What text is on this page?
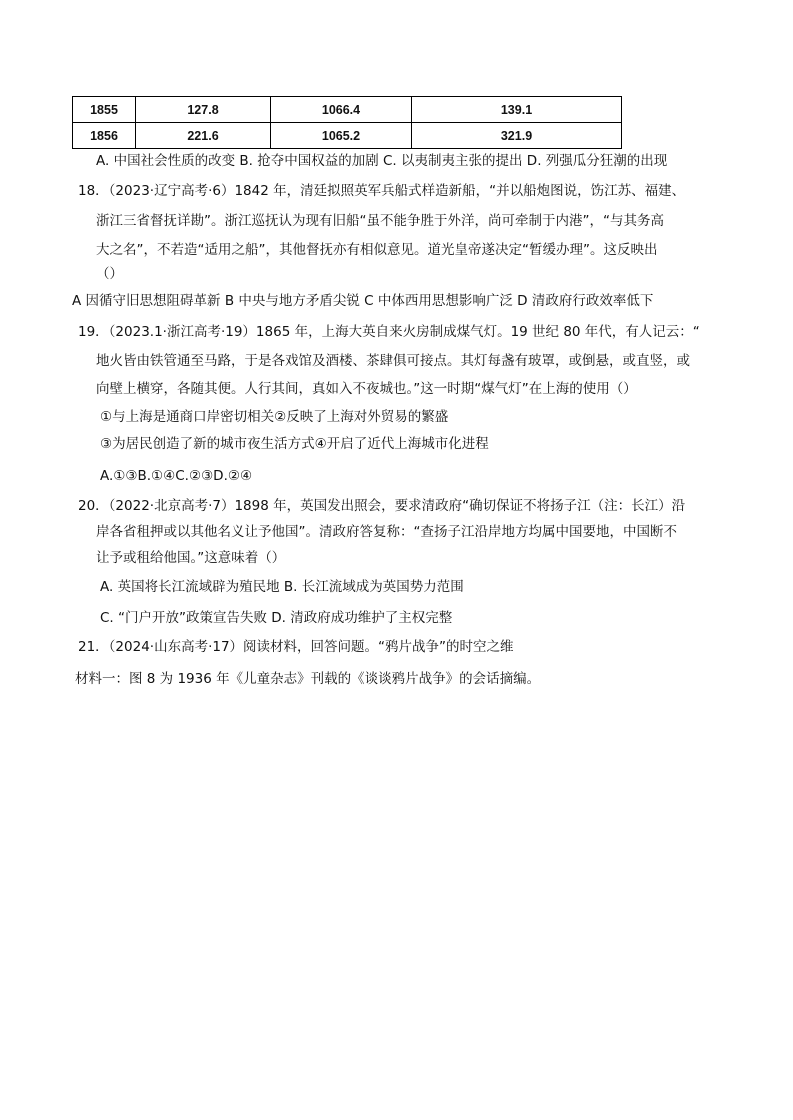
1855	127.8	1066.4	139.1
1856	221.6	1065.2	321.9
A. 中国社会性质的改变 B. 抢夺中国权益的加剧 C. 以夷制夷主张的提出 D. 列强瓜分狂潮的出现
18．（2023·辽宁高考·6）1842 年，清廷拟照英军兵船式样造新船，“并以船炮图说，饬江苏、福建、
浙江三省督抚详勘”。浙江巡抚认为现有旧船“虽不能争胜于外洋，尚可牵制于内港”，“与其务高
大之名”，不若造“适用之船”，其他督抚亦有相似意见。道光皇帝遂决定“暂缓办理”。这反映出
（）
A 因循守旧思想阻碍革新 B 中央与地方矛盾尖锐 C 中体西用思想影响广泛 D 清政府行政效率低下
19．（2023.1·浙江高考·19）1865 年，上海大英自来火房制成煤气灯。19 世纪 80 年代，有人记云：“
地火皆由铁管通至马路，于是各戏馆及酒楼、茶肆俱可接点。其灯每盏有玻罩，或倒悬，或直竖，或
向壁上横穿，各随其便。人行其间，真如入不夜城也。”这一时期“煤气灯”在上海的使用（）
①与上海是通商口岸密切相关②反映了上海对外贸易的繁盛
③为居民创造了新的城市夜生活方式④开启了近代上海城市化进程
A.①③B.①④C.②③D.②④
20．（2022·北京高考·7）1898 年，英国发出照会，要求清政府“确切保证不将扬子江（注：长江）沿
岸各省租押或以其他名义让予他国”。清政府答复称：“查扬子江沿岸地方均属中国要地，中国断不
让予或租给他国。”这意味着（）
A. 英国将长江流域辟为殖民地 B. 长江流域成为英国势力范围
C. “门户开放”政策宣告失败 D. 清政府成功维护了主权完整
21．（2024·山东高考·17）阅读材料，回答问题。“鸦片战争”的时空之维
材料一：图 8 为 1936 年《儿童杂志》刊载的《谈谈鸦片战争》的会话摘编。
